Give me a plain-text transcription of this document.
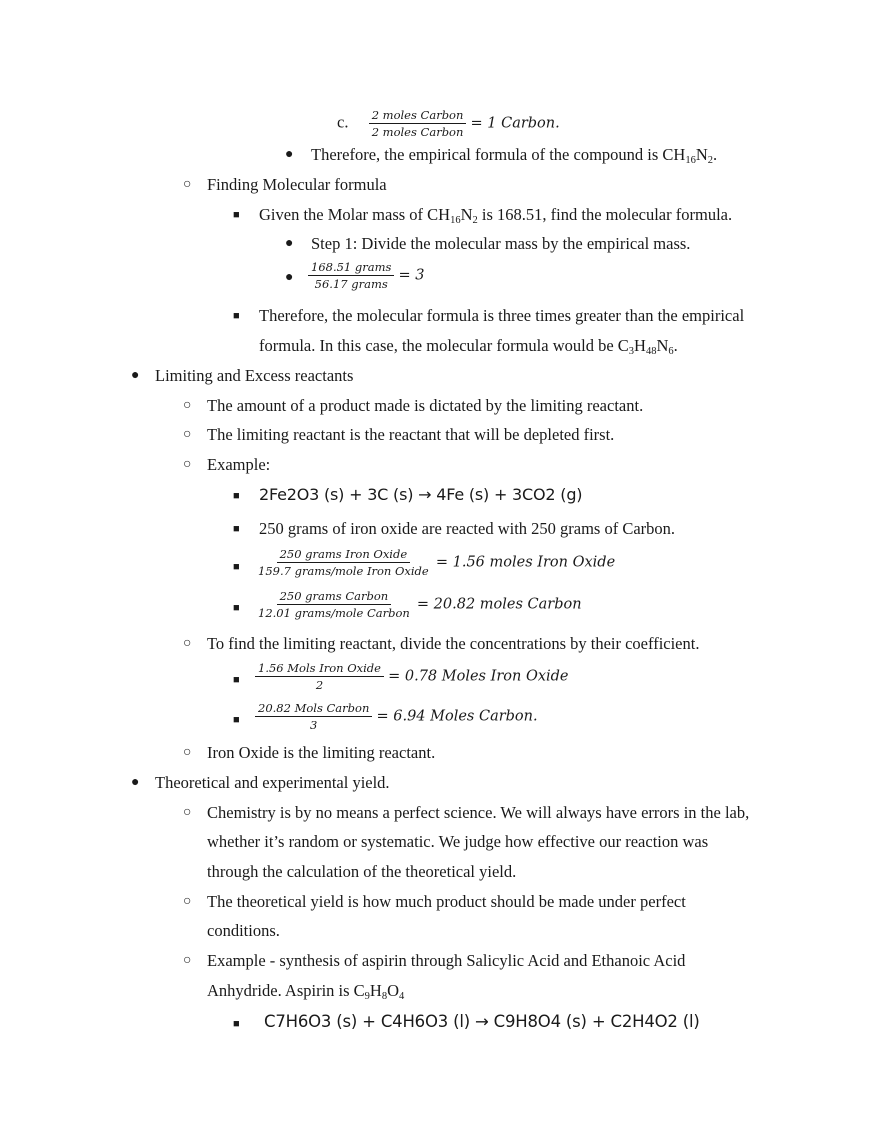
c. $\frac{\text{2 moles Carbon}}{\text{2 moles Carbon}} = 1$ Carbon.
● Therefore, the empirical formula of the compound is $CH_{16}N_2$.
○ Finding Molecular formula
■ Given the Molar mass of $CH_{16}N_2$ is 168.51, find the molecular formula.
● Step 1: Divide the molecular mass by the empirical mass.
● $\frac{\text{168.51 grams}}{\text{56.17 grams}} = 3$
■ Therefore, the molecular formula is three times greater than the empirical
formula. In this case, the molecular formula would be $C_3H_{48}N_6$.
● Limiting and Excess reactants
○ The amount of a product made is dictated by the limiting reactant.
○ The limiting reactant is the reactant that will be depleted first.
○ Example:
■ 2Fe2O3 (s) + 3C (s) → 4Fe (s) + 3CO2 (g)
■ 250 grams of iron oxide are reacted with 250 grams of Carbon.
■ $\frac{\text{250 grams Iron Oxide}}{\text{159.7 grams/mole Iron Oxide}} = 1.56$ moles Iron Oxide
■ $\frac{\text{250 grams Carbon}}{\text{12.01 grams/mole Carbon}} = 20.82$ moles Carbon
○ To find the limiting reactant, divide the concentrations by their coefficient.
■ $\frac{\text{1.56 Mols Iron Oxide}}{2} = 0.78$ Moles Iron Oxide
■ $\frac{\text{20.82 Mols Carbon}}{3} = 6.94$ Moles Carbon.
○ Iron Oxide is the limiting reactant.
● Theoretical and experimental yield.
○ Chemistry is by no means a perfect science. We will always have errors in the lab,
whether it’s random or systematic. We judge how effective our reaction was
through the calculation of the theoretical yield.
○ The theoretical yield is how much product should be made under perfect
conditions.
○ Example - synthesis of aspirin through Salicylic Acid and Ethanoic Acid
Anhydride. Aspirin is $C_9H_8O_4$
■ C7H6O3 (s) + C4H6O3 (l) → C9H8O4 (s) + C2H4O2 (l)
